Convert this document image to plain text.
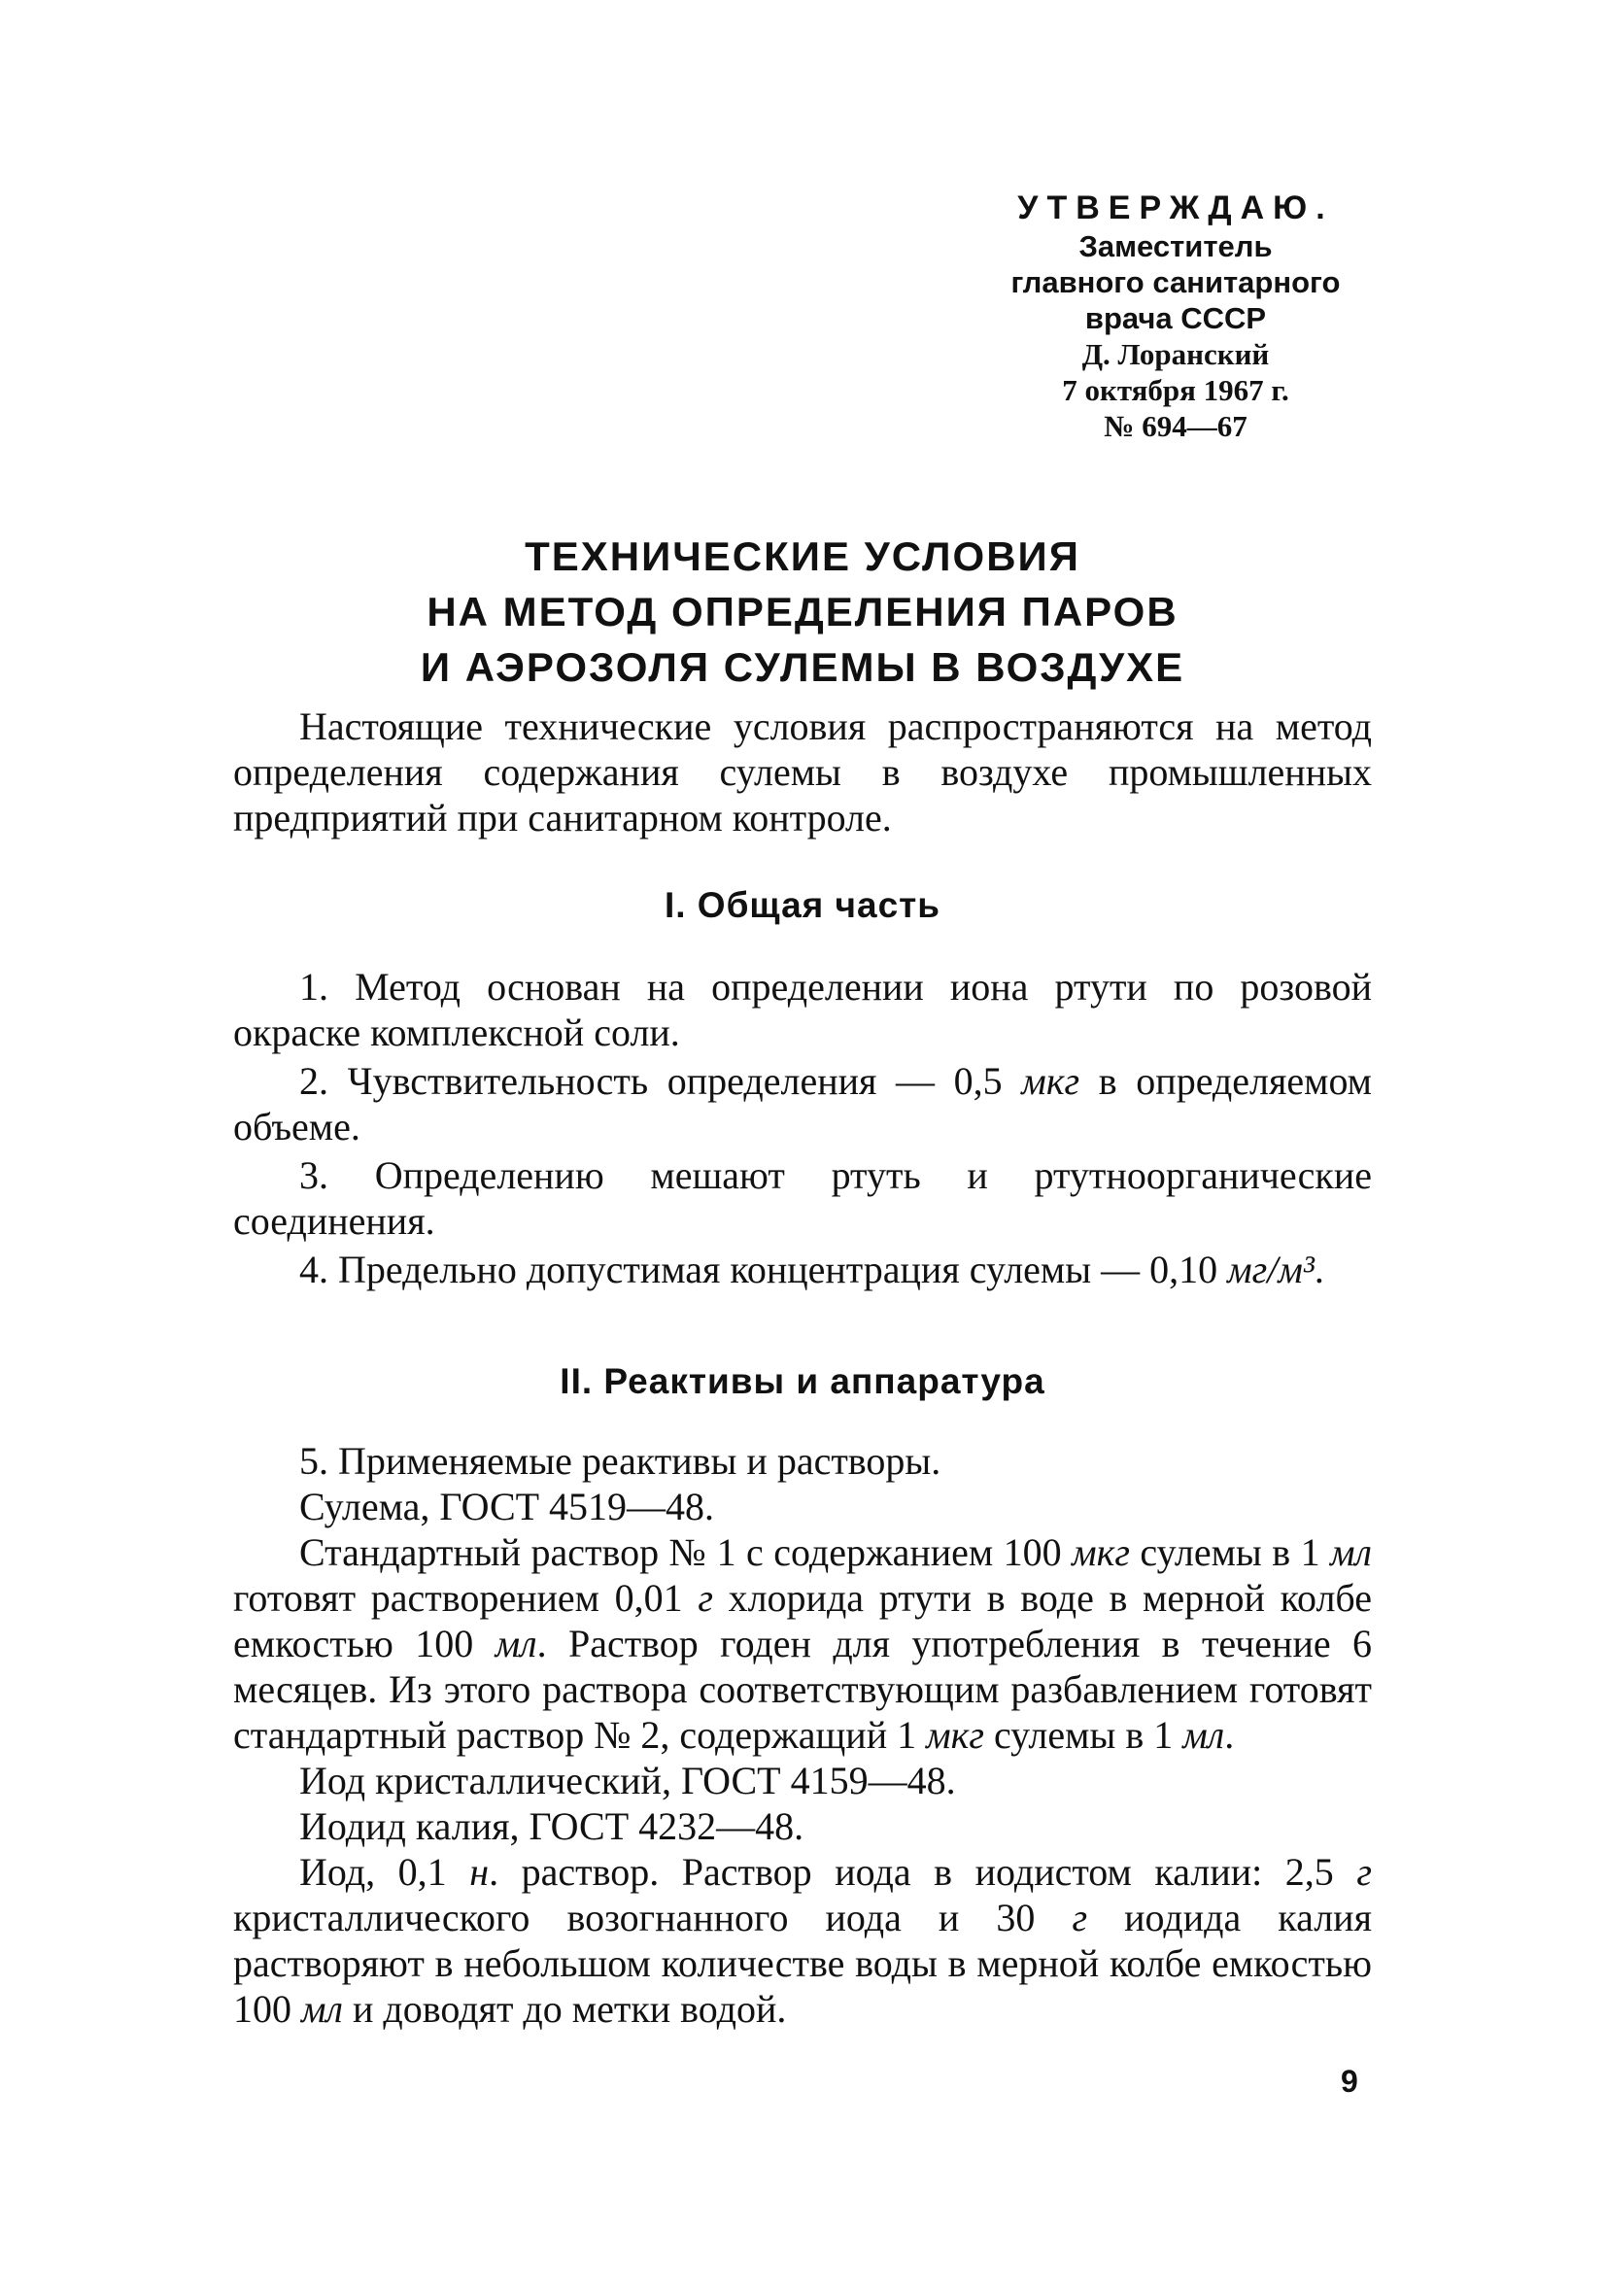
УТВЕРЖДАЮ.
Заместитель
главного санитарного
врача СССР
Д. Лоранский
7 октября 1967 г.
№ 694—67
ТЕХНИЧЕСКИЕ УСЛОВИЯ
НА МЕТОД ОПРЕДЕЛЕНИЯ ПАРОВ
И АЭРОЗОЛЯ СУЛЕМЫ В ВОЗДУХЕ

Настоящие технические условия распространяются на метод определения содержания сулемы в воздухе промышленных предприятий при санитарном контроле.

I. Общая часть

1. Метод основан на определении иона ртути по розовой окраске комплексной соли.

2. Чувствительность определения — 0,5 мкг в определяемом объеме.

3. Определению мешают ртуть и ртутноорганические соединения.

4. Предельно допустимая концентрация сулемы — 0,10 мг/м³.

II. Реактивы и аппаратура

5. Применяемые реактивы и растворы.

Сулема, ГОСТ 4519—48.

Стандартный раствор № 1 с содержанием 100 мкг сулемы в 1 мл готовят растворением 0,01 г хлорида ртути в воде в мерной колбе емкостью 100 мл. Раствор годен для употребления в течение 6 месяцев. Из этого раствора соответствующим разбавлением готовят стандартный раствор № 2, содержащий 1 мкг сулемы в 1 мл.

Иод кристаллический, ГОСТ 4159—48.

Иодид калия, ГОСТ 4232—48.

Иод, 0,1 н. раствор. Раствор иода в иодистом калии: 2,5 г кристаллического возогнанного иода и 30 г иодида калия растворяют в небольшом количестве воды в мерной колбе емкостью 100 мл и доводят до метки водой.

9
